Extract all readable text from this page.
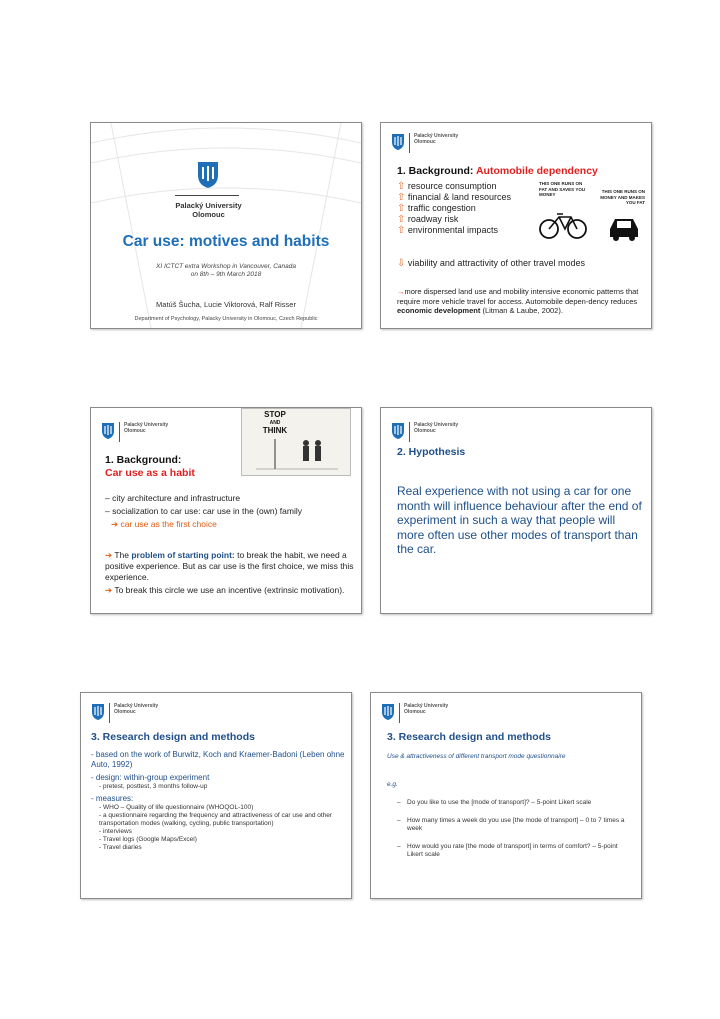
Palacký University
Olomouc
Car use: motives and habits
XI ICTCT extra Workshop in Vancouver, Canada
on 8th – 9th March 2018
Matúš Šucha, Lucie Viktorová, Ralf Risser
Department of Psychology, Palacky University in Olomouc, Czech Republic
Palacký University
Olomouc
1. Background: Automobile dependency
⇧ resource consumption
⇧ financial & land resources
⇧ traffic congestion
⇧ roadway risk
⇧ environmental impacts
THIS ONE RUNS ON FAT AND SAVES YOU MONEY
THIS ONE RUNS ON MONEY AND MAKES YOU FAT
⇩ viability and attractivity of other travel modes
→more dispersed land use and mobility intensive economic patterns that require more vehicle travel for access. Automobile depen-dency reduces economic development (Litman & Laube, 2002).
Palacký University
Olomouc
STOP
AND
THINK
1. Background:
Car use as a habit
– city architecture and infrastructure
– socialization to car use: car use in the (own) family
➔ car use as the first choice
➔ The problem of starting point: to break the habit, we need a positive experience. But as car use is the first choice, we miss this experience.
➔ To break this circle we use an incentive (extrinsic motivation).
Palacký University
Olomouc
2. Hypothesis
Real experience with not using a car for one month will influence behaviour after the end of experiment in such a way that people will more often use other modes of transport than the car.
Palacký University
Olomouc
3. Research design and methods
- based on the work of Burwitz, Koch and Kraemer-Badoni (Leben ohne Auto, 1992)
- design: within-group experiment
- pretest, posttest, 3 months follow-up
- measures:
- WHO – Quality of life questionnaire (WHOQOL-100)
- a questionnaire regarding the frequency and attractiveness of car use and other transportation modes (walking, cycling, public transportation)
- interviews
- Travel logs (Google Maps/Excel)
- Travel diaries
Palacký University
Olomouc
3. Research design and methods
Use & attractiveness of different transport mode questionnaire
e.g.
– Do you like to use the [mode of transport]? – 5-point Likert scale
– How many times a week do you use [the mode of transport] – 0 to 7 times a week
– How would you rate [the mode of transport] in terms of comfort? – 5-point Likert scale
